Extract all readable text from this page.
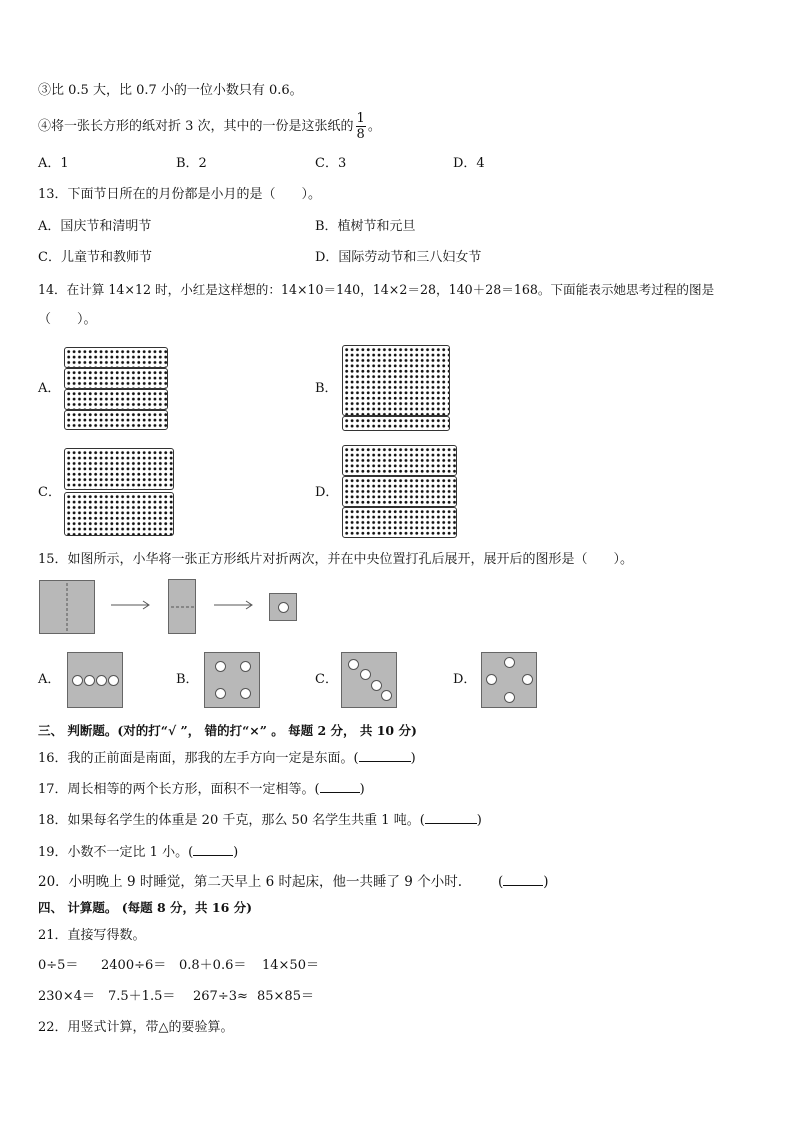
③比 0.5 大，比 0.7 小的一位小数只有 0.6。
④将一张长方形的纸对折 3 次，其中的一份是这张纸的 $\frac{1}{8}$ 。
A．1	B．2	C．3	D．4
13．下面节日所在的月份都是小月的是（　　）。
A．国庆节和清明节	B．植树节和元旦
C．儿童节和教师节	D．国际劳动节和三八妇女节
14．在计算 14×12 时，小红是这样想的：14×10＝140，14×2＝28，140＋28＝168。下面能表示她思考过程的图是
（　　）。
A．	B．
C．	D．
15．如图所示，小华将一张正方形纸片对折两次，并在中央位置打孔后展开，展开后的图形是（　　）。
A．	B．	C．	D．
三、 判断题。(对的打“√ ”， 错的打“×” 。 每题 2 分， 共 10 分)
16．我的正前面是南面，那我的左手方向一定是东面。(	)
17．周长相等的两个长方形，面积不一定相等。(	)
18．如果每名学生的体重是 20 千克，那么 50 名学生共重 1 吨。(	)
19．小数不一定比 1 小。(	)
20．小明晚上 9 时睡觉，第二天早上 6 时起床，他一共睡了 9 个小时.	(	)
四、 计算题。 (每题 8 分，共 16 分)
21．直接写得数。
0÷5＝ 2400÷6＝ 0.8＋0.6＝ 14×50＝
230×4＝ 7.5＋1.5＝ 267÷3≈ 85×85＝
22．用竖式计算，带△的要验算。
